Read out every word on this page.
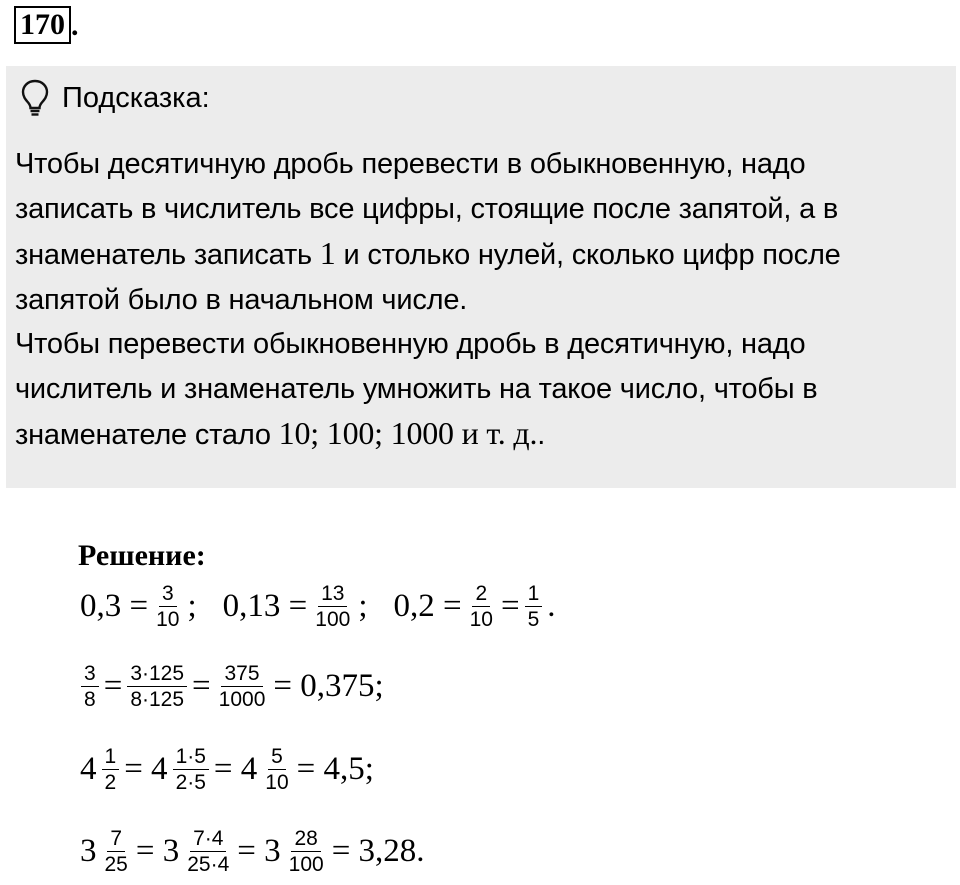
170 .
Подсказка:
Чтобы десятичную дробь перевести в обыкновенную, надо
записать в числитель все цифры, стоящие после запятой, а в
знаменатель записать 1 и столько нулей, сколько цифр после
запятой было в начальном числе.
Чтобы перевести обыкновенную дробь в десятичную, надо
числитель и знаменатель умножить на такое число, чтобы в
знаменателе стало 10; 100; 1000 и т. д..
Решение:
$0,3 = \frac{3}{10}$ ; $0,13 = \frac{13}{100}$ ; $0,2 = \frac{2}{10} = \frac{1}{5}$ .
$\frac{3}{8} = \frac{3\cdot 125}{8\cdot 125} = \frac{375}{1000} = 0,375$;
$4 \frac{1}{2} = 4 \frac{1\cdot 5}{2\cdot 5} = 4 \frac{5}{10} = 4,5$;
$3 \frac{7}{25} = 3 \frac{7\cdot 4}{25\cdot 4} = 3 \frac{28}{100} = 3,28$.
